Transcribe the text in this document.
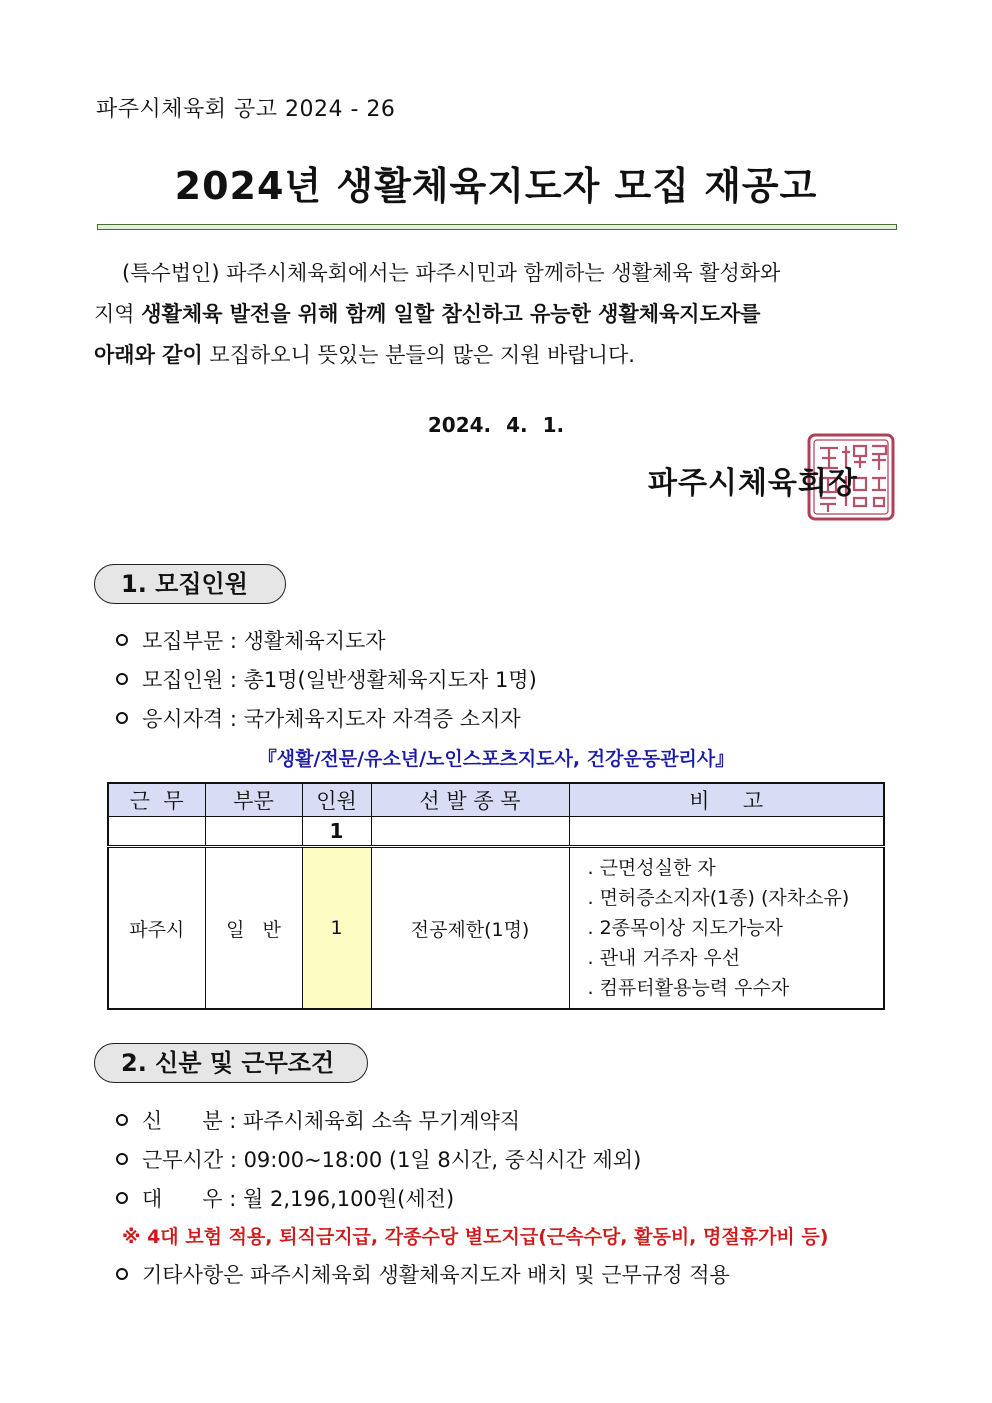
파주시체육회 공고 2024 - 26
2024년 생활체육지도자 모집 재공고

(특수법인) 파주시체육회에서는 파주시민과 함께하는 생활체육 활성화와

지역 생활체육 발전을 위해 함께 일할 참신하고 유능한 생활체육지도자를

아래와 같이 모집하오니 뜻있는 분들의 많은 지원 바랍니다.

2024. 4. 1.
파주시체육회장
1. 모집인원
모집부문 : 생활체육지도자
모집인원 : 총1명(일반생활체육지도자 1명)
응시자격 : 국가체육지도자 자격증 소지자
『생활/전문/유소년/노인스포츠지도사, 건강운동관리사』
근  무	부문	인원	선 발 종 목	비     고
		1		
파주시	일   반	1	전공제한(1명)	. 근면성실한 자
. 면허증소지자(1종) (자차소유)
. 2종목이상 지도가능자
. 관내 거주자 우선
. 컴퓨터활용능력 우수자
2. 신분 및 근무조건
신      분 : 파주시체육회 소속 무기계약직
근무시간 : 09:00~18:00 (1일 8시간, 중식시간 제외)
대      우 : 월 2,196,100원(세전)
※ 4대 보험 적용, 퇴직금지급, 각종수당 별도지급(근속수당, 활동비, 명절휴가비 등)
기타사항은 파주시체육회 생활체육지도자 배치 및 근무규정 적용
